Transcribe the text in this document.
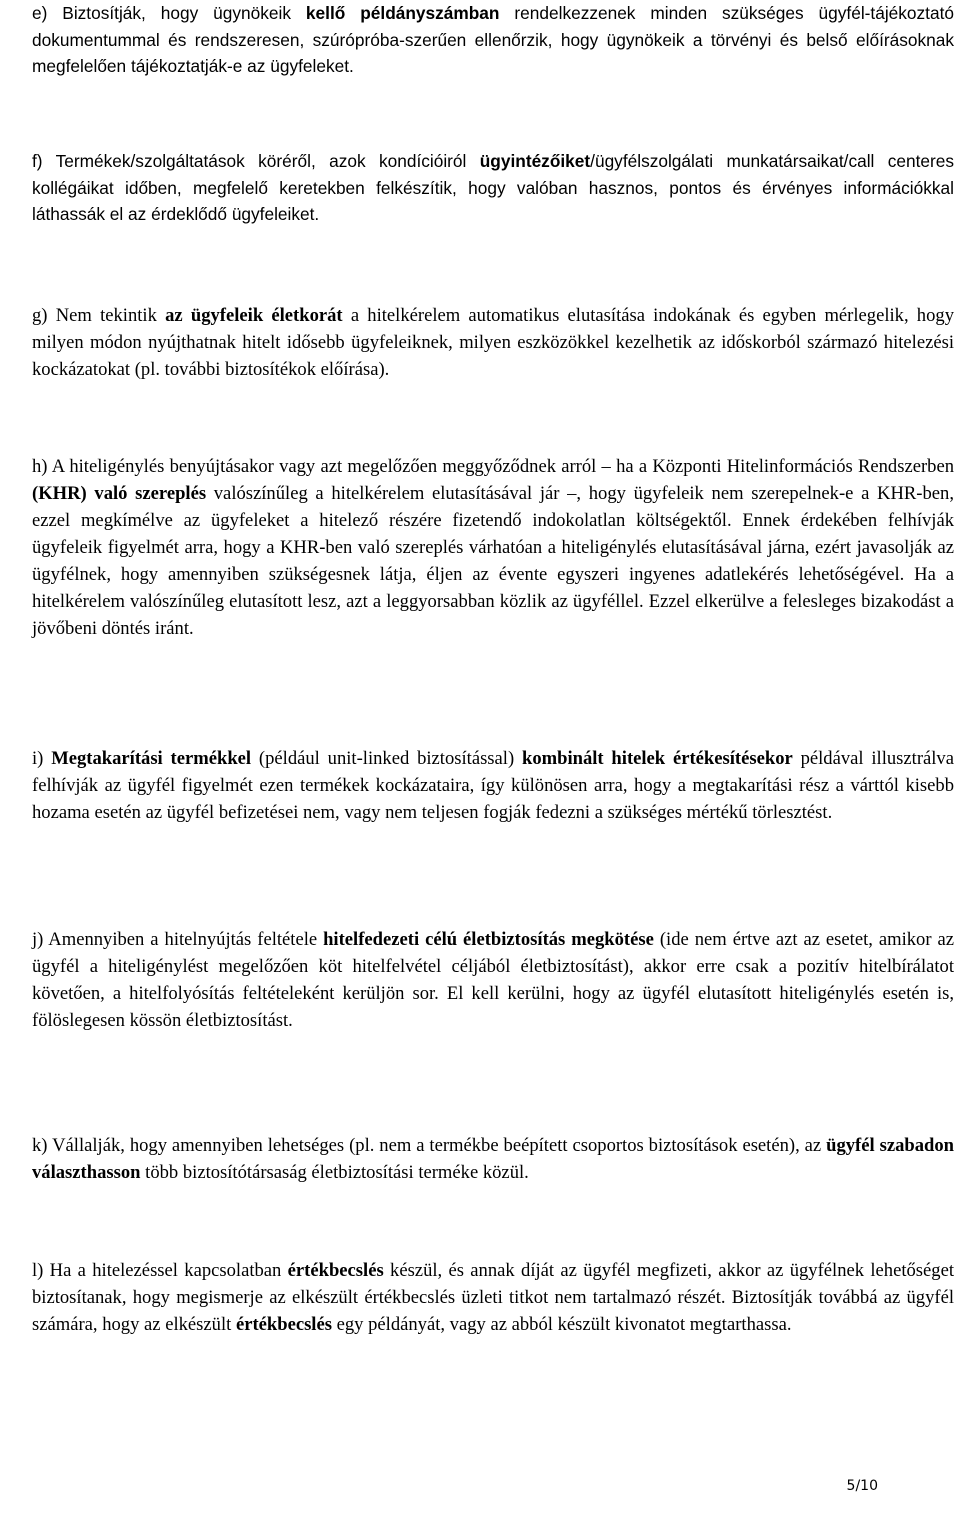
e) Biztosítják, hogy ügynökeik kellő példányszámban rendelkezzenek minden szükséges ügyfél-tájékoztató dokumentummal és rendszeresen, szúrópróba-szerűen ellenőrzik, hogy ügynökeik a törvényi és belső előírásoknak megfelelően tájékoztatják-e az ügyfeleket.

f) Termékek/szolgáltatások köréről, azok kondícióiról ügyintézőiket/ügyfélszolgálati munkatársaikat/call centeres kollégáikat időben, megfelelő keretekben felkészítik, hogy valóban hasznos, pontos és érvényes információkkal láthassák el az érdeklődő ügyfeleiket.

g) Nem tekintik az ügyfeleik életkorát a hitelkérelem automatikus elutasítása indokának és egyben mérlegelik, hogy milyen módon nyújthatnak hitelt idősebb ügyfeleiknek, milyen eszközökkel kezelhetik az időskorból származó hitelezési kockázatokat (pl. további biztosítékok előírása).

h) A hiteligénylés benyújtásakor vagy azt megelőzően meggyőződnek arról – ha a Központi Hitelinformációs Rendszerben (KHR) való szereplés valószínűleg a hitelkérelem elutasításával jár –, hogy ügyfeleik nem szerepelnek-e a KHR-ben, ezzel megkímélve az ügyfeleket a hitelező részére fizetendő indokolatlan költségektől. Ennek érdekében felhívják ügyfeleik figyelmét arra, hogy a KHR-ben való szereplés várhatóan a hiteligénylés elutasításával járna, ezért javasolják az ügyfélnek, hogy amennyiben szükségesnek látja, éljen az évente egyszeri ingyenes adatlekérés lehetőségével. Ha a hitelkérelem valószínűleg elutasított lesz, azt a leggyorsabban közlik az ügyféllel. Ezzel elkerülve a felesleges bizakodást a jövőbeni döntés iránt.

i) Megtakarítási termékkel (például unit-linked biztosítással) kombinált hitelek értékesítésekor példával illusztrálva felhívják az ügyfél figyelmét ezen termékek kockázataira, így különösen arra, hogy a megtakarítási rész a várttól kisebb hozama esetén az ügyfél befizetései nem, vagy nem teljesen fogják fedezni a szükséges mértékű törlesztést.

j) Amennyiben a hitelnyújtás feltétele hitelfedezeti célú életbiztosítás megkötése (ide nem értve azt az esetet, amikor az ügyfél a hiteligénylést megelőzően köt hitelfelvétel céljából életbiztosítást), akkor erre csak a pozitív hitelbírálatot követően, a hitelfolyósítás feltételeként kerüljön sor. El kell kerülni, hogy az ügyfél elutasított hiteligénylés esetén is, fölöslegesen kössön életbiztosítást.

k) Vállalják, hogy amennyiben lehetséges (pl. nem a termékbe beépített csoportos biztosítások esetén), az ügyfél szabadon választhasson több biztosítótársaság életbiztosítási terméke közül.

l) Ha a hitelezéssel kapcsolatban értékbecslés készül, és annak díját az ügyfél megfizeti, akkor az ügyfélnek lehetőséget biztosítanak, hogy megismerje az elkészült értékbecslés üzleti titkot nem tartalmazó részét. Biztosítják továbbá az ügyfél számára, hogy az elkészült értékbecslés egy példányát, vagy az abból készült kivonatot megtarthassa.

5/10
